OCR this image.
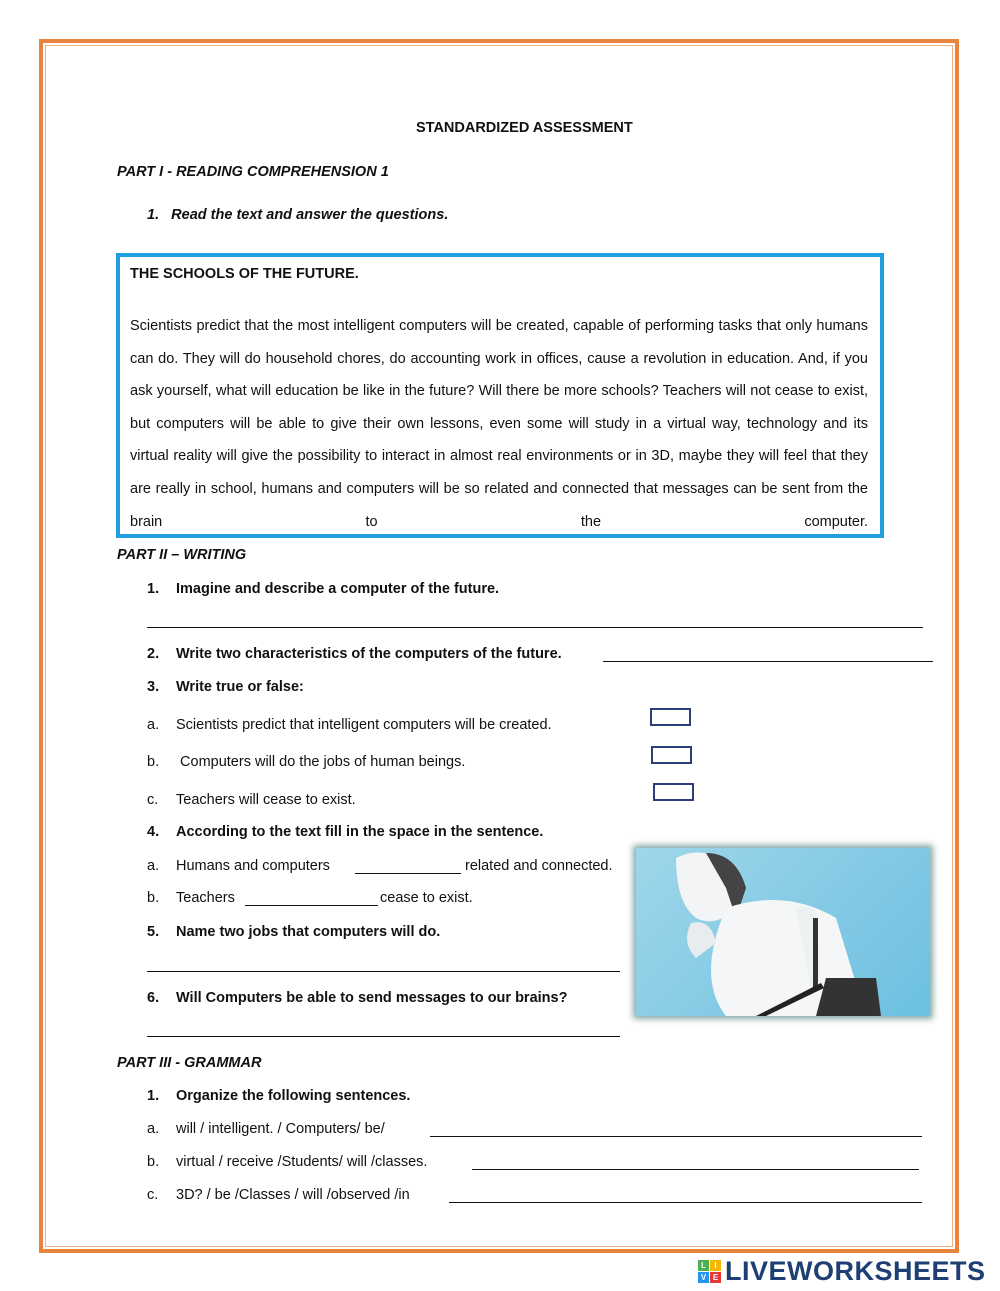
STANDARDIZED ASSESSMENT
PART I - READING COMPREHENSION 1
1.   Read the text and answer the questions.
THE SCHOOLS OF THE FUTURE.
Scientists predict that the most intelligent computers will be created, capable of performing tasks that only humans can do. They will do household chores, do accounting work in offices, cause a revolution in education. And, if you ask yourself, what will education be like in the future? Will there be more schools? Teachers will not cease to exist, but computers will be able to give their own lessons, even some will study in a virtual way, technology and its virtual reality will give the possibility to interact in almost real environments or in 3D, maybe they will feel that they are really in school, humans and computers will be so related and connected that messages can be sent from the brain to the computer.
PART II – WRITING
1. Imagine and describe a computer of the future.
2. Write two characteristics of the computers of the future.
3. Write true or false:
a. Scientists predict that intelligent computers will be created.
b. Computers will do the jobs of human beings.
c. Teachers will cease to exist.
4. According to the text fill in the space in the sentence.
a. Humans and computers	related and connected.
b. Teachers	cease to exist.
5. Name two jobs that computers will do.
6. Will Computers be able to send messages to our brains?
PART III - GRAMMAR
1. Organize the following sentences.
a. will / intelligent. / Computers/ be/
b. virtual / receive /Students/ will /classes.
c. 3D? / be /Classes / will /observed /in
L	I
V E LIVEWORKSHEETS
